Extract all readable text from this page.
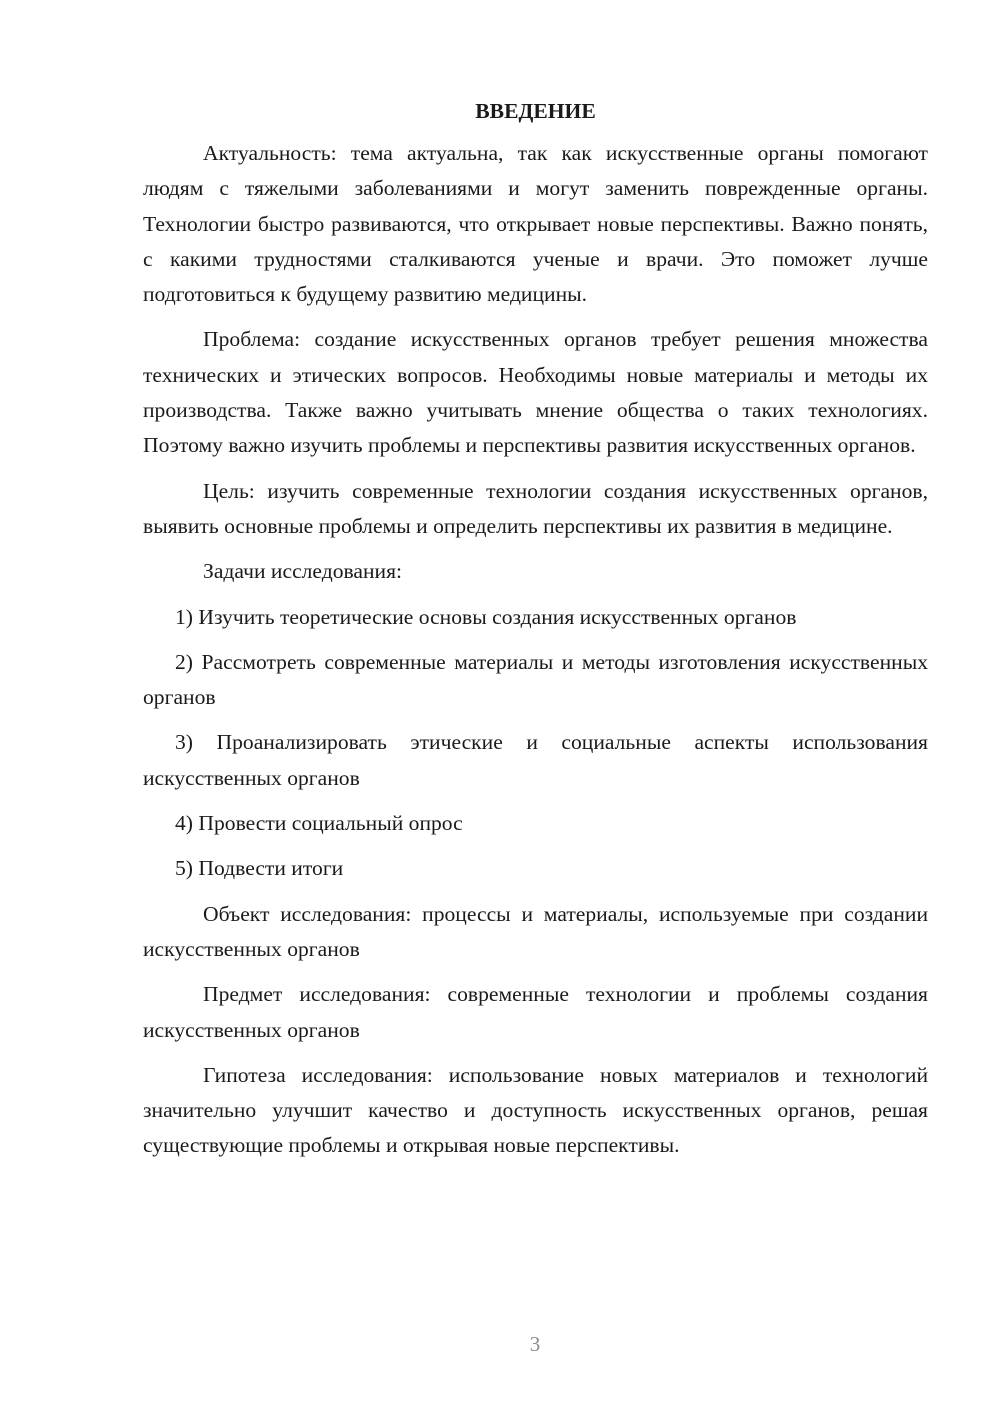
ВВЕДЕНИЕ

Актуальность: тема актуальна, так как искусственные органы помогают людям с тяжелыми заболеваниями и могут заменить поврежденные органы. Технологии быстро развиваются, что открывает новые перспективы. Важно понять, с какими трудностями сталкиваются ученые и врачи. Это поможет лучше подготовиться к будущему развитию медицины.

Проблема: создание искусственных органов требует решения множества технических и этических вопросов. Необходимы новые материалы и методы их производства. Также важно учитывать мнение общества о таких технологиях. Поэтому важно изучить проблемы и перспективы развития искусственных органов.

Цель: изучить современные технологии создания искусственных органов, выявить основные проблемы и определить перспективы их развития в медицине.

Задачи исследования:

1) Изучить теоретические основы создания искусственных органов

2) Рассмотреть современные материалы и методы изготовления искусственных органов

3) Проанализировать этические и социальные аспекты использования искусственных органов

4) Провести социальный опрос

5) Подвести итоги

Объект исследования: процессы и материалы, используемые при создании искусственных органов

Предмет исследования: современные технологии и проблемы создания искусственных органов

Гипотеза исследования: использование новых материалов и технологий значительно улучшит качество и доступность искусственных органов, решая существующие проблемы и открывая новые перспективы.

3
